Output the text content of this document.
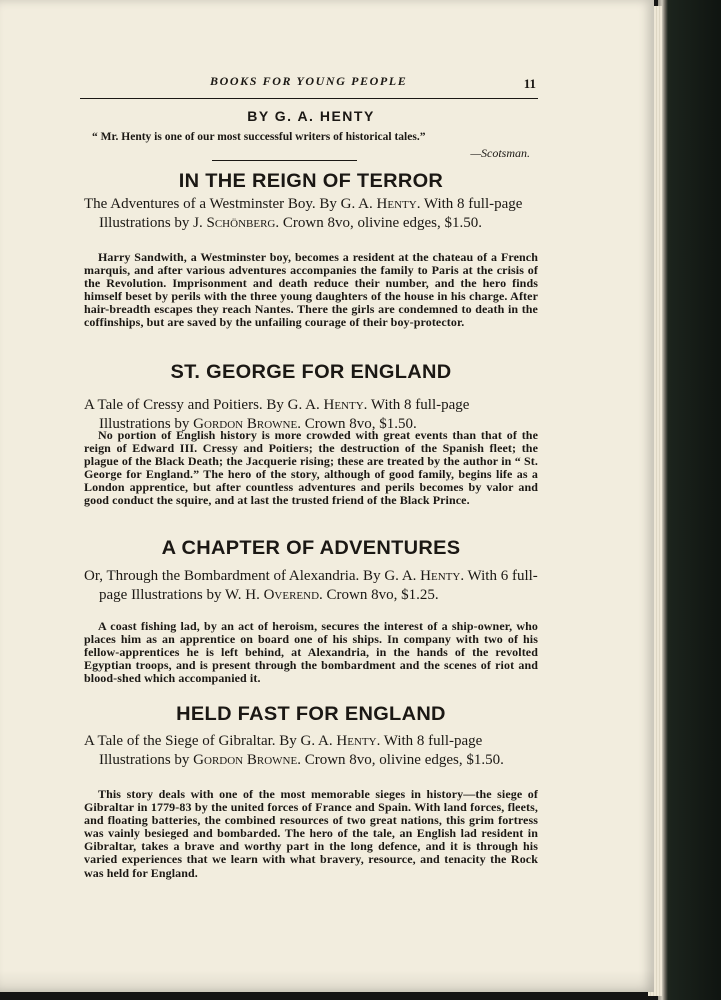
BOOKS FOR YOUNG PEOPLE	11
BY G. A. HENTY
“ Mr. Henty is one of our most successful writers of historical tales.”
—Scotsman.
IN THE REIGN OF TERROR
The Adventures of a Westminster Boy. By G. A. Henty. With 8 full-page Illustrations by J. Schönberg. Crown 8vo, olivine edges, $1.50.
Harry Sandwith, a Westminster boy, becomes a resident at the chateau of a French marquis, and after various adventures accompanies the family to Paris at the crisis of the Revolution. Imprisonment and death reduce their number, and the hero finds himself beset by perils with the three young daughters of the house in his charge. After hair-breadth escapes they reach Nantes. There the girls are condemned to death in the coffinships, but are saved by the unfailing courage of their boy-protector.
ST. GEORGE FOR ENGLAND
A Tale of Cressy and Poitiers. By G. A. Henty. With 8 full-page Illustrations by Gordon Browne. Crown 8vo, $1.50.
No portion of English history is more crowded with great events than that of the reign of Edward III. Cressy and Poitiers; the destruction of the Spanish fleet; the plague of the Black Death; the Jacquerie rising; these are treated by the author in “ St. George for England.” The hero of the story, although of good family, begins life as a London apprentice, but after countless adventures and perils becomes by valor and good conduct the squire, and at last the trusted friend of the Black Prince.
A CHAPTER OF ADVENTURES
Or, Through the Bombardment of Alexandria. By G. A. Henty. With 6 full-page Illustrations by W. H. Overend. Crown 8vo, $1.25.
A coast fishing lad, by an act of heroism, secures the interest of a ship-owner, who places him as an apprentice on board one of his ships. In company with two of his fellow-apprentices he is left behind, at Alexandria, in the hands of the revolted Egyptian troops, and is present through the bombardment and the scenes of riot and blood-shed which accompanied it.
HELD FAST FOR ENGLAND
A Tale of the Siege of Gibraltar. By G. A. Henty. With 8 full-page Illustrations by Gordon Browne. Crown 8vo, olivine edges, $1.50.
This story deals with one of the most memorable sieges in history—the siege of Gibraltar in 1779-83 by the united forces of France and Spain. With land forces, fleets, and floating batteries, the combined resources of two great nations, this grim fortress was vainly besieged and bombarded. The hero of the tale, an English lad resident in Gibraltar, takes a brave and worthy part in the long defence, and it is through his varied experiences that we learn with what bravery, resource, and tenacity the Rock was held for England.
